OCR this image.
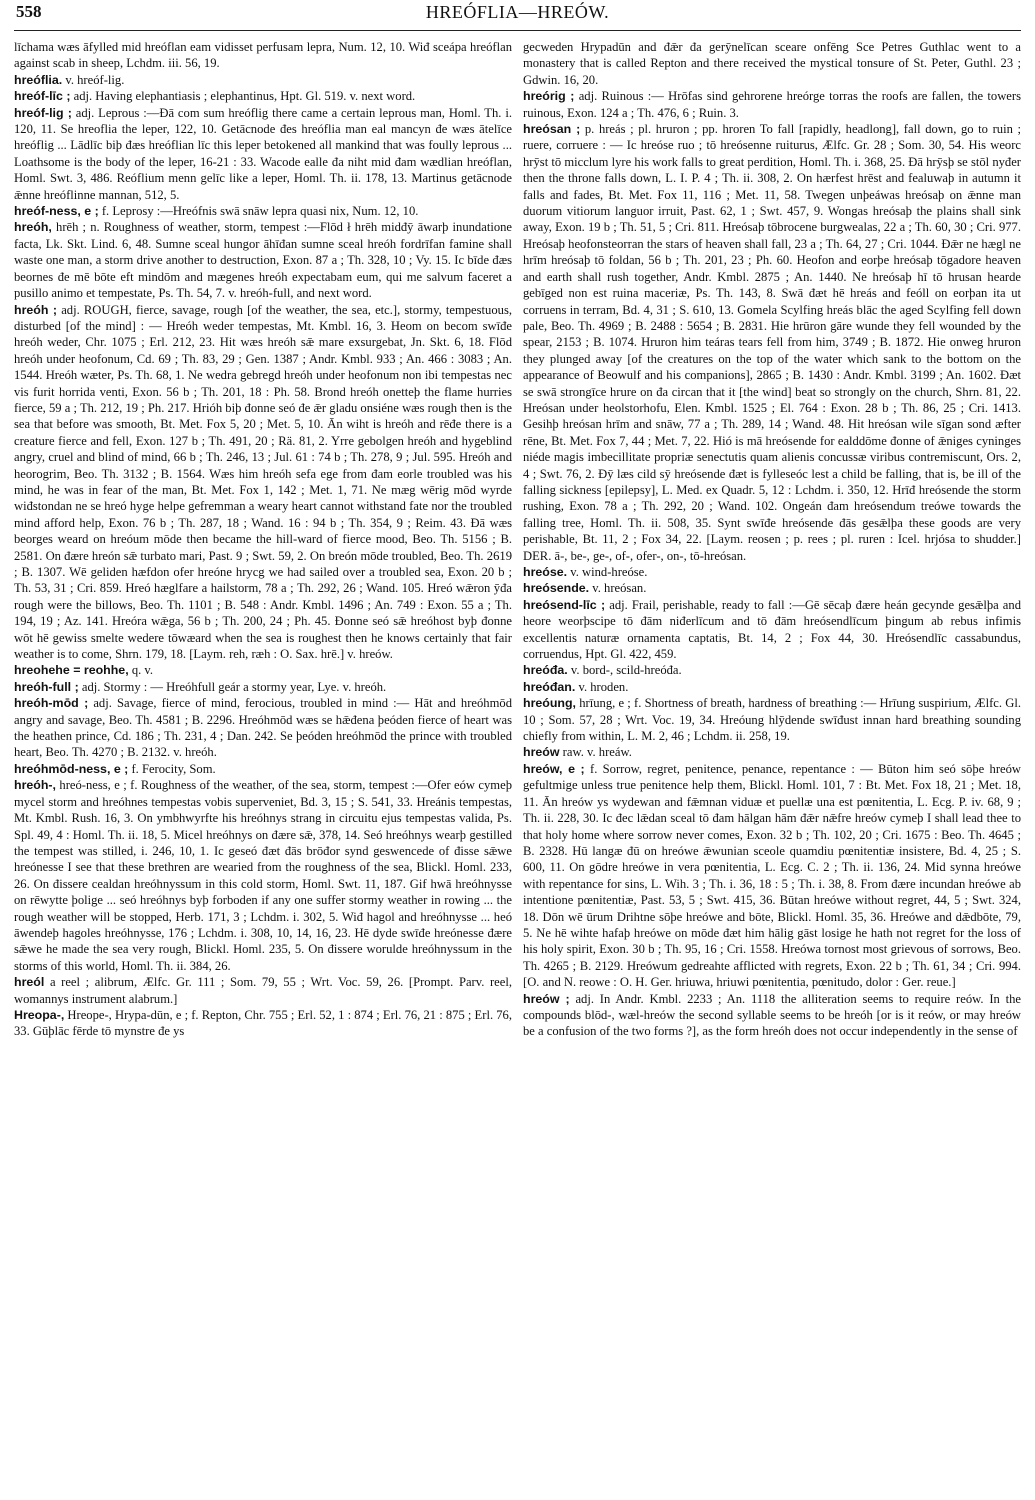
558	HREÓFLIA—HREÓW.

līchama wæs āfylled mid hreóflan eam vidisset perfusam lepra, Num. 12, 10. Wiđ sceápa hreóflan against scab in sheep, Lchdm. iii. 56, 19.

hreóflia. v. hreóf-lig.

hreóf-līc ; adj. Having elephantiasis ; elephantinus, Hpt. Gl. 519. v. next word.

hreóf-lig ; adj. Leprous :—Đā com sum hreóflig there came a certain leprous man, Homl. Th. i. 120, 11. Se hreoflia the leper, 122, 10. Getācnode đes hreóflia man eal mancyn đe wæs ātelīce hreóflig ... Lādlīc biþ đæs hreóflian līc this leper betokened all mankind that was foully leprous ... Loathsome is the body of the leper, 16-21 : 33. Wacode ealle đa niht mid đam wædlian hreóflan, Homl. Swt. 3, 486. Reóflium menn gelīc like a leper, Homl. Th. ii. 178, 13. Martinus getācnode ǣnne hreóflinne mannan, 512, 5.

hreóf-ness, e ; f. Leprosy :—Hreófnis swā snāw lepra quasi nix, Num. 12, 10.

hreóh, hrēh ; n. Roughness of weather, storm, tempest :—Flōd ł hrēh midđȳ āwarþ inundatione facta, Lk. Skt. Lind. 6, 48. Sumne sceal hungor āhīđan sumne sceal hreóh fordrīfan famine shall waste one man, a storm drive another to destruction, Exon. 87 a ; Th. 328, 10 ; Vy. 15. Ic bīde đæs beornes đe mē bōte eft mindōm and mægenes hreóh expectabam eum, qui me salvum faceret a pusillo animo et tempestate, Ps. Th. 54, 7. v. hreóh-full, and next word.

hreóh ; adj. ROUGH, fierce, savage, rough [of the weather, the sea, etc.], stormy, tempestuous, disturbed [of the mind] : — Hreóh weder tempestas, Mt. Kmbl. 16, 3. Heom on becom swīđe hreóh weder, Chr. 1075 ; Erl. 212, 23. Hit wæs hreóh sǣ mare exsurgebat, Jn. Skt. 6, 18. Flōd hreóh under heofonum, Cd. 69 ; Th. 83, 29 ; Gen. 1387 ; Andr. Kmbl. 933 ; An. 466 : 3083 ; An. 1544. Hreóh wæter, Ps. Th. 68, 1. Ne wedra gebregd hreóh under heofonum non ibi tempestas nec vis furit horrida venti, Exon. 56 b ; Th. 201, 18 : Ph. 58. Brond hreóh onetteþ the flame hurries fierce, 59 a ; Th. 212, 19 ; Ph. 217. Hrióh biþ đonne seó đe ǣr gladu onsiéne wæs rough then is the sea that before was smooth, Bt. Met. Fox 5, 20 ; Met. 5, 10. Ān wiht is hreóh and rēđe there is a creature fierce and fell, Exon. 127 b ; Th. 491, 20 ; Rä. 81, 2. Yrre gebolgen hreóh and hygeblind angry, cruel and blind of mind, 66 b ; Th. 246, 13 ; Jul. 61 : 74 b ; Th. 278, 9 ; Jul. 595. Hreóh and heorogrim, Beo. Th. 3132 ; B. 1564. Wæs him hreóh sefa ege from đam eorle troubled was his mind, he was in fear of the man, Bt. Met. Fox 1, 142 ; Met. 1, 71. Ne mæg wērig mōd wyrde wiđstondan ne se hreó hyge helpe gefremman a weary heart cannot withstand fate nor the troubled mind afford help, Exon. 76 b ; Th. 287, 18 ; Wand. 16 : 94 b ; Th. 354, 9 ; Reim. 43. Đā wæs beorges weard on hreóum mōde then became the hill-ward of fierce mood, Beo. Th. 5156 ; B. 2581. On đære hreón sǣ turbato mari, Past. 9 ; Swt. 59, 2. On breón mōde troubled, Beo. Th. 2619 ; B. 1307. Wē geliden hæfdon ofer hreóne hrycg we had sailed over a troubled sea, Exon. 20 b ; Th. 53, 31 ; Cri. 859. Hreó hæglfare a hailstorm, 78 a ; Th. 292, 26 ; Wand. 105. Hreó wǣron ȳđa rough were the billows, Beo. Th. 1101 ; B. 548 : Andr. Kmbl. 1496 ; An. 749 : Exon. 55 a ; Th. 194, 19 ; Az. 141. Hreóra wǣga, 56 b ; Th. 200, 24 ; Ph. 45. Đonne seó sǣ hreóhost byþ đonne wōt hē gewiss smelte wedere tōwæard when the sea is roughest then he knows certainly that fair weather is to come, Shrn. 179, 18. [Laym. reh, ræh : O. Sax. hrē.] v. hreów.

hreohehe = reohhe, q. v.

hreóh-full ; adj. Stormy : — Hreóhfull geár a stormy year, Lye. v. hreóh.

hreóh-mōd ; adj. Savage, fierce of mind, ferocious, troubled in mind :— Hāt and hreóhmōd angry and savage, Beo. Th. 4581 ; B. 2296. Hreóhmōd wæs se hǣđena þeóden fierce of heart was the heathen prince, Cd. 186 ; Th. 231, 4 ; Dan. 242. Se þeóden hreóhmōd the prince with troubled heart, Beo. Th. 4270 ; B. 2132. v. hreóh.

hreóhmōd-ness, e ; f. Ferocity, Som.

hreóh-, hreó-ness, e ; f. Roughness of the weather, of the sea, storm, tempest :—Ofer eów cymeþ mycel storm and hreóhnes tempestas vobis superveniet, Bd. 3, 15 ; S. 541, 33. Hreánis tempestas, Mt. Kmbl. Rush. 16, 3. On ymbhwyrfte his hreóhnys strang in circuitu ejus tempestas valida, Ps. Spl. 49, 4 : Homl. Th. ii. 18, 5. Micel hreóhnys on đære sǣ, 378, 14. Seó hreóhnys wearþ gestilled the tempest was stilled, i. 246, 10, 1. Ic geseó đæt đās brōđor synd geswencede of đisse sǣwe hreónesse I see that these brethren are wearied from the roughness of the sea, Blickl. Homl. 233, 26. On đissere cealdan hreóhnyssum in this cold storm, Homl. Swt. 11, 187. Gif hwā hreóhnysse on rēwytte þolige ... seó hreóhnys byþ forboden if any one suffer stormy weather in rowing ... the rough weather will be stopped, Herb. 171, 3 ; Lchdm. i. 302, 5. Wiđ hagol and hreóhnysse ... heó āwendeþ hagoles hreóhnysse, 176 ; Lchdm. i. 308, 10, 14, 16, 23. Hē dyde swīđe hreónesse đære sǣwe he made the sea very rough, Blickl. Homl. 235, 5. On đissere worulde hreóhnyssum in the storms of this world, Homl. Th. ii. 384, 26.

hreól a reel ; alibrum, Ælfc. Gr. 111 ; Som. 79, 55 ; Wrt. Voc. 59, 26. [Prompt. Parv. reel, womannys instrument alabrum.]

Hreopa-, Hreope-, Hrypa-dūn, e ; f. Repton, Chr. 755 ; Erl. 52, 1 : 874 ; Erl. 76, 21 : 875 ; Erl. 76, 33. Gūþlāc fērde tō mynstre đe ys

gecweden Hrypadūn and đǣr đa gerȳnelīcan sceare onfēng Sce Petres Guthlac went to a monastery that is called Repton and there received the mystical tonsure of St. Peter, Guthl. 23 ; Gdwin. 16, 20.

hreórig ; adj. Ruinous :— Hrōfas sind gehrorene hreórge torras the roofs are fallen, the towers ruinous, Exon. 124 a ; Th. 476, 6 ; Ruin. 3.

hreósan ; p. hreás ; pl. hruron ; pp. hroren To fall [rapidly, headlong], fall down, go to ruin ; ruere, corruere : — Ic hreóse ruo ; tō hreósenne ruiturus, Ælfc. Gr. 28 ; Som. 30, 54. His weorc hrȳst tō micclum lyre his work falls to great perdition, Homl. Th. i. 368, 25. Đā hrȳsþ se stōl nyđer then the throne falls down, L. I. P. 4 ; Th. ii. 308, 2. On hærfest hrēst and fealuwaþ in autumn it falls and fades, Bt. Met. Fox 11, 116 ; Met. 11, 58. Twegen unþeáwas hreósaþ on ǣnne man duorum vitiorum languor irruit, Past. 62, 1 ; Swt. 457, 9. Wongas hreósaþ the plains shall sink away, Exon. 19 b ; Th. 51, 5 ; Cri. 811. Hreósaþ tōbrocene burgwealas, 22 a ; Th. 60, 30 ; Cri. 977. Hreósaþ heofonsteorran the stars of heaven shall fall, 23 a ; Th. 64, 27 ; Cri. 1044. Đǣr ne hægl ne hrīm hreósaþ tō foldan, 56 b ; Th. 201, 23 ; Ph. 60. Heofon and eorþe hreósaþ tōgadore heaven and earth shall rush together, Andr. Kmbl. 2875 ; An. 1440. Ne hreósaþ hī tō hrusan hearde gebīged non est ruina maceriæ, Ps. Th. 143, 8. Swā đæt hē hreás and feóll on eorþan ita ut corruens in terram, Bd. 4, 31 ; S. 610, 13. Gomela Scylfing hreás blāc the aged Scylfing fell down pale, Beo. Th. 4969 ; B. 2488 : 5654 ; B. 2831. Hie hrūron gāre wunde they fell wounded by the spear, 2153 ; B. 1074. Hruron him teáras tears fell from him, 3749 ; B. 1872. Hie onweg hruron they plunged away [of the creatures on the top of the water which sank to the bottom on the appearance of Beowulf and his companions], 2865 ; B. 1430 : Andr. Kmbl. 3199 ; An. 1602. Đæt se swā strongīce hrure on đa circan that it [the wind] beat so strongly on the church, Shrn. 81, 22. Hreósan under heolstorhofu, Elen. Kmbl. 1525 ; El. 764 : Exon. 28 b ; Th. 86, 25 ; Cri. 1413. Gesihþ hreósan hrīm and snāw, 77 a ; Th. 289, 14 ; Wand. 48. Hit hreósan wile sīgan sond æfter rēne, Bt. Met. Fox 7, 44 ; Met. 7, 22. Hió is mā hreósende for ealddōme đonne of ǣniges cyninges niéde magis imbecillitate propriæ senectutis quam alienis concussæ viribus contremiscunt, Ors. 2, 4 ; Swt. 76, 2. Đȳ læs cild sȳ hreósende đæt is fylleseóc lest a child be falling, that is, be ill of the falling sickness [epilepsy], L. Med. ex Quadr. 5, 12 : Lchdm. i. 350, 12. Hrīđ hreósende the storm rushing, Exon. 78 a ; Th. 292, 20 ; Wand. 102. Ongeán đam hreósendum treówe towards the falling tree, Homl. Th. ii. 508, 35. Synt swīđe hreósende đās gesǣlþa these goods are very perishable, Bt. 11, 2 ; Fox 34, 22. [Laym. reosen ; p. rees ; pl. ruren : Icel. hrjósa to shudder.] DER. ā-, be-, ge-, of-, ofer-, on-, tō-hreósan.

hreóse. v. wind-hreóse.

hreósende. v. hreósan.

hreósend-līc ; adj. Frail, perishable, ready to fall :—Gē sēcaþ đære heán gecynde gesǣlþa and heore weorþscipe tō đām niđerlīcum and tō đām hreósendlīcum þingum ab rebus infimis excellentis naturæ ornamenta captatis, Bt. 14, 2 ; Fox 44, 30. Hreósendlīc cassabundus, corruendus, Hpt. Gl. 422, 459.

hreóđa. v. bord-, scild-hreóđa.

hreóđan. v. hroden.

hreóung, hrīung, e ; f. Shortness of breath, hardness of breathing :— Hrīung suspirium, Ælfc. Gl. 10 ; Som. 57, 28 ; Wrt. Voc. 19, 34. Hreóung hlȳdende swīđust innan hard breathing sounding chiefly from within, L. M. 2, 46 ; Lchdm. ii. 258, 19.

hreów raw. v. hreáw.

hreów, e ; f. Sorrow, regret, penitence, penance, repentance : — Būton him seó sōþe hreów gefultmige unless true penitence help them, Blickl. Homl. 101, 7 : Bt. Met. Fox 18, 21 ; Met. 18, 11. Ān hreów ys wydewan and fǣmnan viduæ et puellæ una est pœnitentia, L. Ecg. P. iv. 68, 9 ; Th. ii. 228, 30. Ic đec lǣdan sceal tō đam hālgan hām đǣr nǣfre hreów cymeþ I shall lead thee to that holy home where sorrow never comes, Exon. 32 b ; Th. 102, 20 ; Cri. 1675 : Beo. Th. 4645 ; B. 2328. Hū langæ đū on hreówe ǣwunian sceole quamdiu pœnitentiæ insistere, Bd. 4, 25 ; S. 600, 11. On gōdre hreówe in vera pœnitentia, L. Ecg. C. 2 ; Th. ii. 136, 24. Mid synna hreówe with repentance for sins, L. Wih. 3 ; Th. i. 36, 18 : 5 ; Th. i. 38, 8. From đære incundan hreówe ab intentione pœnitentiæ, Past. 53, 5 ; Swt. 415, 36. Būtan hreówe without regret, 44, 5 ; Swt. 324, 18. Dōn wē ūrum Drihtne sōþe hreówe and bōte, Blickl. Homl. 35, 36. Hreówe and dǣdbōte, 79, 5. Ne hē wihte hafaþ hreówe on mōde đæt him hālig gāst losige he hath not regret for the loss of his holy spirit, Exon. 30 b ; Th. 95, 16 ; Cri. 1558. Hreówa tornost most grievous of sorrows, Beo. Th. 4265 ; B. 2129. Hreówum gedreahte afflicted with regrets, Exon. 22 b ; Th. 61, 34 ; Cri. 994. [O. and N. reowe : O. H. Ger. hriuwa, hriuwi pœnitentia, pœnitudo, dolor : Ger. reue.]

hreów ; adj. In Andr. Kmbl. 2233 ; An. 1118 the alliteration seems to require reów. In the compounds blōd-, wæl-hreów the second syllable seems to be hreóh [or is it reów, or may hreów be a confusion of the two forms ?], as the form hreóh does not occur independently in the sense of
